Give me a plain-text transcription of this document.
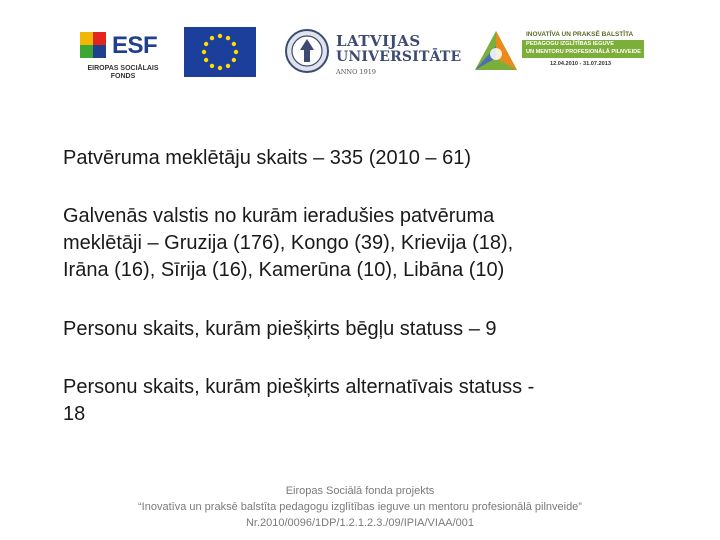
ESF
EIROPAS SOCIĀLAIS
FONDS
LATVIJAS
UNIVERSITĀTE
ANNO 1919
INOVATĪVA UN PRAKSĒ BALSTĪTA
PEDAGOGU IZGLĪTĪBAS IEGUVE
UN MENTORU PROFESIONĀLĀ PILNVEIDE
12.04.2010 - 31.07.2013

Patvēruma meklētāju skaits – 335 (2010 – 61)

Galvenās valstis no kurām ieradušies patvēruma
meklētāji – Gruzija (176), Kongo (39), Krievija (18),
Irāna (16), Sīrija (16), Kamerūna (10), Libāna (10)

Personu skaits, kurām piešķirts bēgļu statuss – 9

Personu skaits, kurām piešķirts alternatīvais statuss -
18

Eiropas Sociālā fonda projekts
“Inovatīva un praksē balstīta pedagogu izglītības ieguve un mentoru profesionālā pilnveide”
Nr.2010/0096/1DP/1.2.1.2.3./09/IPIA/VIAA/001
